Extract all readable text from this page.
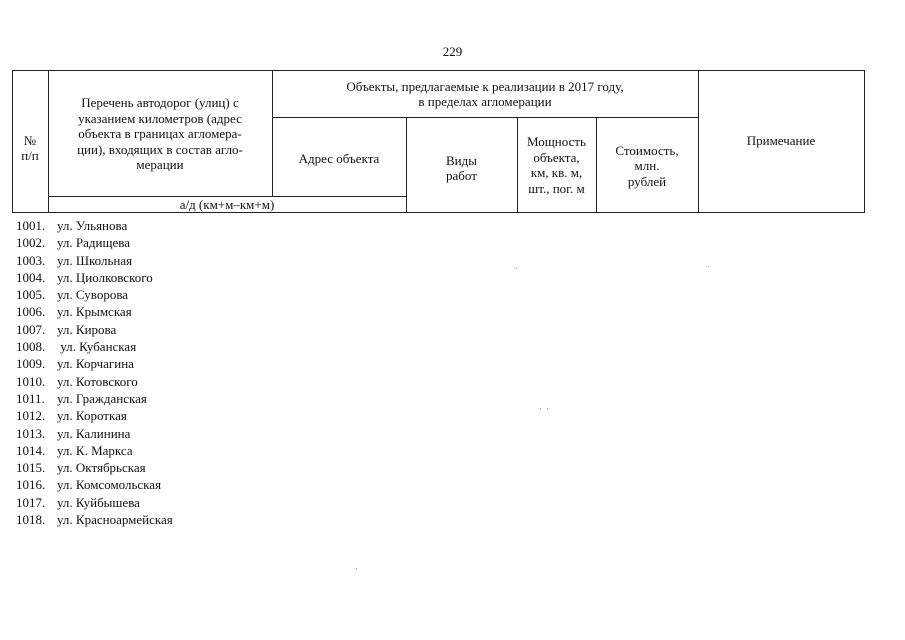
229
№
п/п
Перечень автодорог (улиц) с
указанием километров (адрес
объекта в границах агломера-
ции), входящих в состав агло-
мерации
а/д (км+м–км+м)
Объекты, предлагаемые к реализации в 2017 году,
в пределах агломерации
Адрес объекта	Виды
работ
Мощность
объекта,
км, кв. м,
шт., пог. м
Стоимость,
млн.
рублей
Примечание
1001. ул. Ульянова
1002. ул. Радищева
1003. ул. Школьная
1004. ул. Циолковского
1005. ул. Суворова
1006. ул. Крымская
1007. ул. Кирова
1008. ул. Кубанская
1009. ул. Корчагина
1010. ул. Котовского
1011. ул. Гражданская
1012. ул. Короткая
1013. ул. Калинина
1014. ул. К. Маркса
1015. ул. Октябрьская
1016. ул. Комсомольская
1017. ул. Куйбышева
1018. ул. Красноармейская
